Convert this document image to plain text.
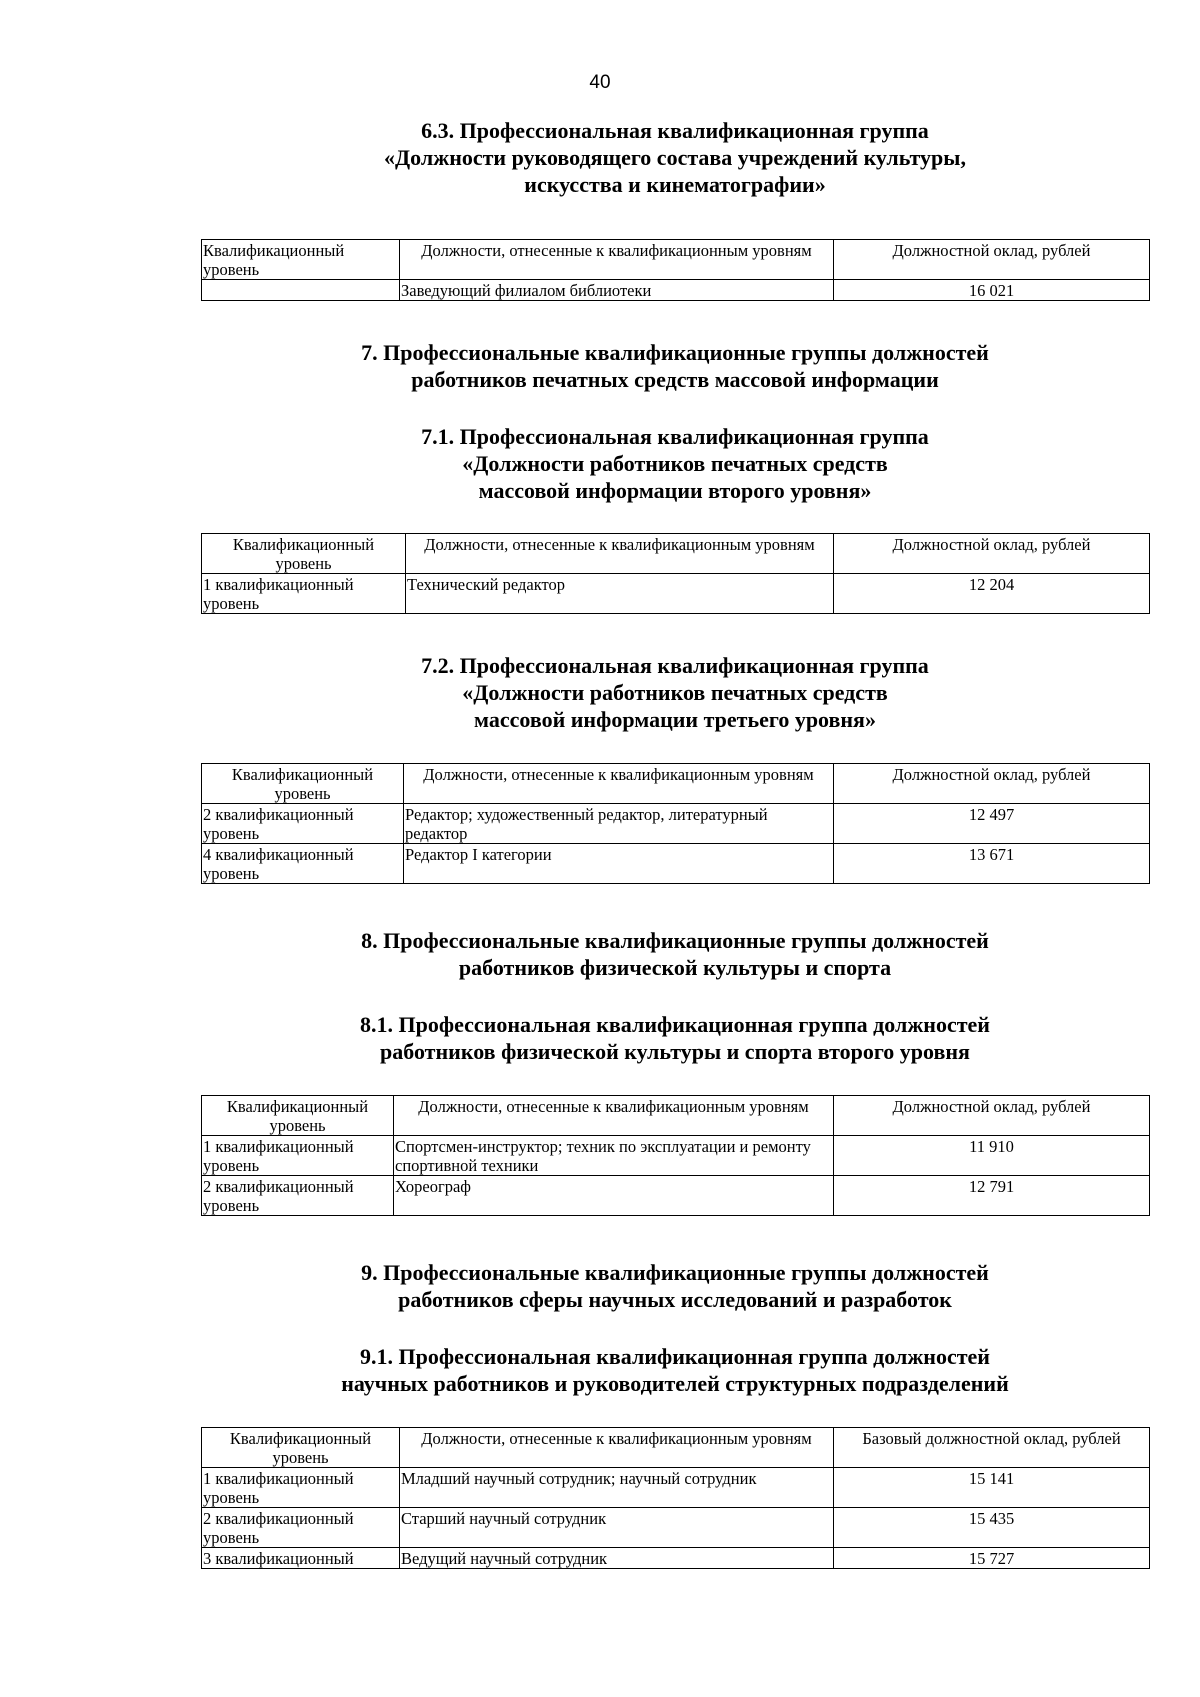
40
6.3. Профессиональная квалификационная группа
«Должности руководящего состава учреждений культуры,
искусства и кинематографии»
Квалификационный уровень	Должности, отнесенные к квалификационным уровням	Должностной оклад, рублей
	Заведующий филиалом библиотеки	16 021
7. Профессиональные квалификационные группы должностей
работников печатных средств массовой информации
7.1. Профессиональная квалификационная группа
«Должности работников печатных средств
массовой информации второго уровня»
Квалификационный уровень	Должности, отнесенные к квалификационным уровням	Должностной оклад, рублей
1 квалификационный уровень	Технический редактор	12 204
7.2. Профессиональная квалификационная группа
«Должности работников печатных средств
массовой информации третьего уровня»
Квалификационный уровень	Должности, отнесенные к квалификационным уровням	Должностной оклад, рублей
2 квалификационный уровень	Редактор; художественный редактор, литературный редактор	12 497
4 квалификационный уровень	Редактор I категории	13 671
8. Профессиональные квалификационные группы должностей
работников физической культуры и спорта
8.1. Профессиональная квалификационная группа должностей
работников физической культуры и спорта второго уровня
Квалификационный уровень	Должности, отнесенные к квалификационным уровням	Должностной оклад, рублей
1 квалификационный уровень	Спортсмен-инструктор; техник по эксплуатации и ремонту спортивной техники	11 910
2 квалификационный уровень	Хореограф	12 791
9. Профессиональные квалификационные группы должностей
работников сферы научных исследований и разработок
9.1. Профессиональная квалификационная группа должностей
научных работников и руководителей структурных подразделений
Квалификационный уровень	Должности, отнесенные к квалификационным уровням	Базовый должностной оклад, рублей
1 квалификационный уровень	Младший научный сотрудник; научный сотрудник	15 141
2 квалификационный уровень	Старший научный сотрудник	15 435
3 квалификационный	Ведущий научный сотрудник	15 727
